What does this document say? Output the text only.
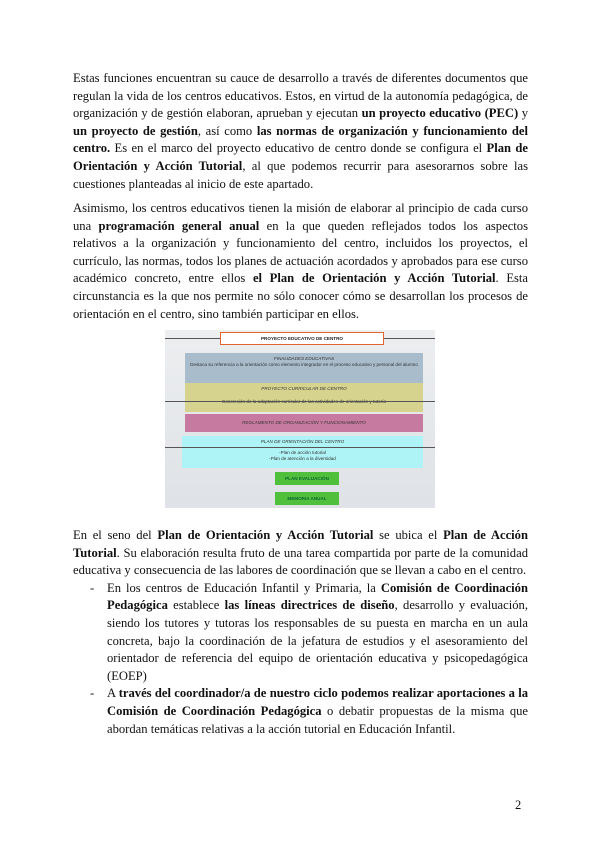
Estas funciones encuentran su cauce de desarrollo a través de diferentes documentos que regulan la vida de los centros educativos. Estos, en virtud de la autonomía pedagógica, de organización y de gestión elaboran, aprueban y ejecutan un proyecto educativo (PEC) y un proyecto de gestión, así como las normas de organización y funcionamiento del centro. Es en el marco del proyecto educativo de centro donde se configura el Plan de Orientación y Acción Tutorial, al que podemos recurrir para asesorarnos sobre las cuestiones planteadas al inicio de este apartado.

Asimismo, los centros educativos tienen la misión de elaborar al principio de cada curso una programación general anual en la que queden reflejados todos los aspectos relativos a la organización y funcionamiento del centro, incluidos los proyectos, el currículo, las normas, todos los planes de actuación acordados y aprobados para ese curso académico concreto, entre ellos el Plan de Orientación y Acción Tutorial. Esta circunstancia es la que nos permite no sólo conocer cómo se desarrollan los procesos de orientación en el centro, sino también participar en ellos.

PROYECTO EDUCATIVO DE CENTRO
FINALIDADES EDUCATIVAS
Destaca su referencia a la orientación como elemento integrador en el proceso educativo y personal del alumno
PROYECTO CURRICULAR DE CENTRO
REGLAMENTO DE ORGANIZACIÓN Y FUNCIONAMIENTO
PLAN DE ORIENTACIÓN DEL CENTRO
-Plan de acción tutorial
-Plan de atención a la diversidad
PLAN EVALUACIÓN
MEMORIA ANUAL
En el seno del Plan de Orientación y Acción Tutorial se ubica el Plan de Acción Tutorial. Su elaboración resulta fruto de una tarea compartida por parte de la comunidad educativa y consecuencia de las labores de coordinación que se llevan a cabo en el centro.
- En los centros de Educación Infantil y Primaria, la Comisión de Coordinación Pedagógica establece las líneas directrices de diseño, desarrollo y evaluación, siendo los tutores y tutoras los responsables de su puesta en marcha en un aula concreta, bajo la coordinación de la jefatura de estudios y el asesoramiento del orientador de referencia del equipo de orientación educativa y psicopedagógica (EOEP)
- A través del coordinador/a de nuestro ciclo podemos realizar aportaciones a la Comisión de Coordinación Pedagógica o debatir propuestas de la misma que abordan temáticas relativas a la acción tutorial en Educación Infantil.
2
